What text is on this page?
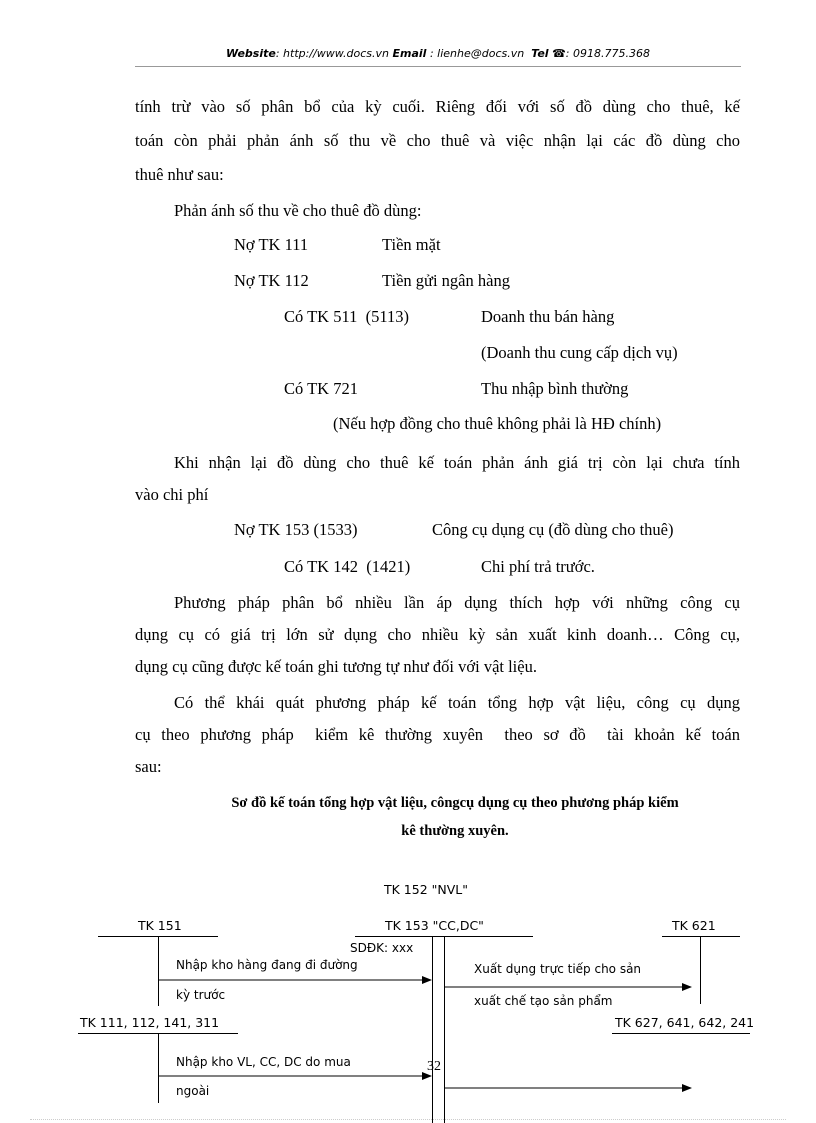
Website: http://www.docs.vn Email : lienhe@docs.vn Tel ☎: 0918.775.368
tính trừ vào số phân bổ của kỳ cuối. Riêng đối với số đồ dùng cho thuê, kế
toán còn phải phản ánh số thu về cho thuê và việc nhận lại các đồ dùng cho
thuê như sau:
Phản ánh số thu về cho thuê đồ dùng:
Nợ TK 111	Tiền mặt
Nợ TK 112	Tiền gửi ngân hàng
Có TK 511  (5113)	Doanh thu bán hàng
(Doanh thu cung cấp dịch vụ)
Có TK 721	Thu nhập bình thường
(Nếu hợp đồng cho thuê không phải là HĐ chính)
Khi nhận lại đồ dùng cho thuê kế toán phản ánh giá trị còn lại chưa tính
vào chi phí
Nợ TK 153 (1533)	Công cụ dụng cụ (đồ dùng cho thuê)
Có TK 142  (1421)	Chi phí trả trước.
Phương pháp phân bổ nhiều lần áp dụng thích hợp với những công cụ
dụng cụ có giá trị lớn sử dụng cho nhiều kỳ sản xuất kinh doanh… Công cụ,
dụng cụ cũng được kế toán ghi tương tự như đối với vật liệu.
Có thể khái quát phương pháp kế toán tổng hợp vật liệu, công cụ dụng
cụ theo phương pháp  kiểm kê thường xuyên  theo sơ đồ  tài khoản kế toán
sau:
Sơ đồ kế toán tổng hợp vật liệu, côngcụ dụng cụ theo phương pháp kiểm
kê thường xuyên.
TK 152 "NVL"
TK 151	TK 153 "CC,DC"	TK 621
SDĐK: xxx
Nhập kho hàng đang đi đường
kỳ trước
Xuất dụng trực tiếp cho sản
xuất chế tạo sản phẩm
TK 111, 112, 141, 311	TK 627, 641, 642, 241
Nhập kho VL, CC, DC do mua
ngoài
32
